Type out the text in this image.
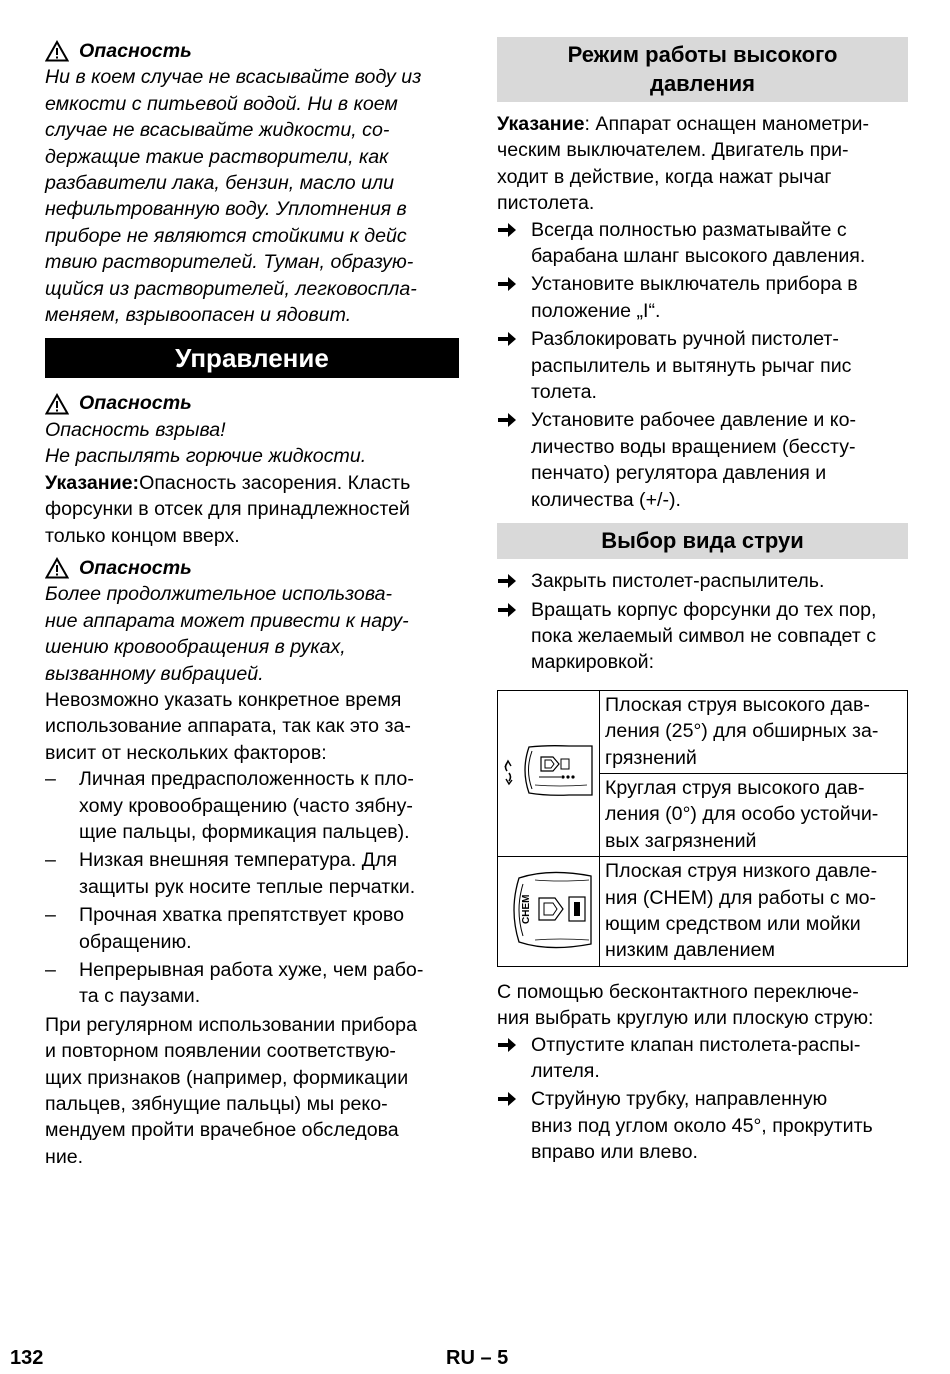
Опасность
Ни в коем случае не всасывайте воду из
емкости с питьевой водой. Ни в коем
случае не всасывайте жидкости, со-
держащие такие растворители, как
разбавители лака, бензин, масло или
нефильтрованную воду. Уплотнения в
приборе не являются стойкими к дейс
твию растворителей. Туман, образую-
щийся из растворителей, легковоспла-
меняем, взрывоопасен и ядовит.
Управление
Опасность
Опасность взрыва!
Не распылять горючие жидкости.
Указание:Опасность засорения. Класть
форсунки в отсек для принадлежностей
только концом вверх.
Опасность
Более продолжительное использова-
ние аппарата может привести к нару-
шению кровообращения в руках,
вызванному вибрацией.
Невозможно указать конкретное время
использование аппарата, так как это за-
висит от нескольких факторов:
– Личная предрасположенность к пло-
хому кровообращению (часто зябну-
щие пальцы, формикация пальцев).
– Низкая внешняя температура. Для
защиты рук носите теплые перчатки.
– Прочная хватка препятствует крово
обращению.
– Непрерывная работа хуже, чем рабо-
та с паузами.
При регулярном использовании прибора
и повторном появлении соответствую-
щих признаков (например, формикации
пальцев, зябнущие пальцы) мы реко-
мендуем пройти врачебное обследова
ние.
Режим работы высокого
давления
Указание: Аппарат оснащен манометри-
ческим выключателем. Двигатель при-
ходит в действие, когда нажат рычаг
пистолета.
Всегда полностью разматывайте с
барабана шланг высокого давления.
Установите выключатель прибора в
положение „I“.
Разблокировать ручной пистолет-
распылитель и вытянуть рычаг пис
толета.
Установите рабочее давление и ко-
личество воды вращением (бессту-
пенчато) регулятора давления и
количества (+/-).
Выбор вида струи
Закрыть пистолет-распылитель.
Вращать корпус форсунки до тех пор,
пока желаемый символ не совпадет с
маркировкой:

Плоская струя высокого дав-
ления (25°) для обширных за-
грязнений

	Круглая струя высокого дав-
ления (0°) для особо устойчи-
вых загрязнений

CHEM	Плоская струя низкого давле-
ния (CHEM) для работы с мо-
ющим средством или мойки
низким давлением
С помощью бесконтактного переключе-
ния выбрать круглую или плоскую струю:
Отпустите клапан пистолета-распы-
лителя.
Струйную трубку, направленную
вниз под углом около 45°, прокрутить
вправо или влево.
132	RU – 5
